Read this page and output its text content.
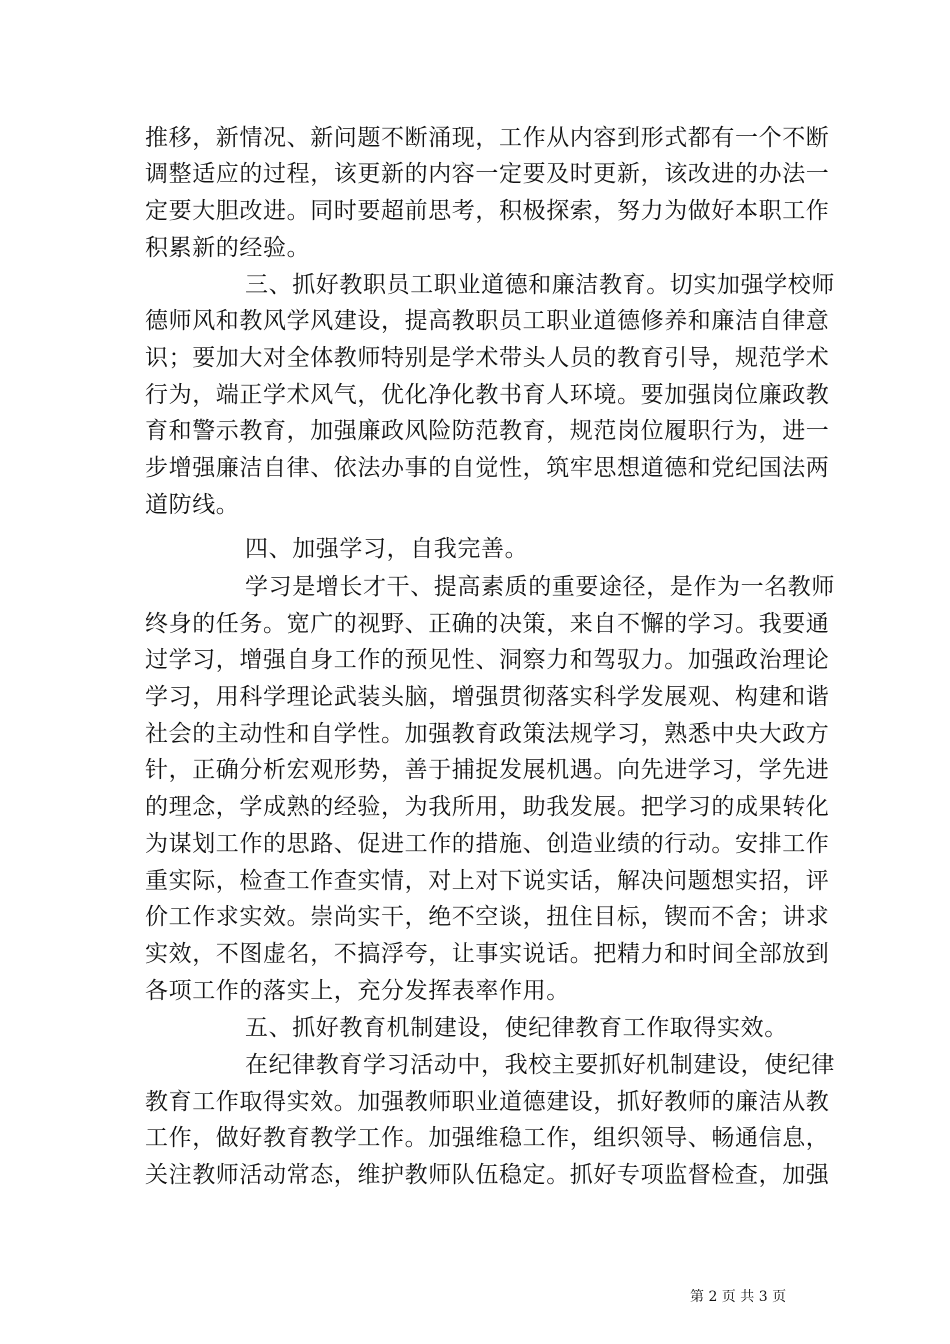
推移，新情况、新问题不断涌现，工作从内容到形式都有一个不断
调整适应的过程，该更新的内容一定要及时更新，该改进的办法一
定要大胆改进。同时要超前思考，积极探索，努力为做好本职工作
积累新的经验。
三、抓好教职员工职业道德和廉洁教育。切实加强学校师
德师风和教风学风建设，提高教职员工职业道德修养和廉洁自律意
识；要加大对全体教师特别是学术带头人员的教育引导，规范学术
行为，端正学术风气，优化净化教书育人环境。要加强岗位廉政教
育和警示教育，加强廉政风险防范教育，规范岗位履职行为，进一
步增强廉洁自律、依法办事的自觉性，筑牢思想道德和党纪国法两
道防线。
四、加强学习，自我完善。
学习是增长才干、提高素质的重要途径，是作为一名教师
终身的任务。宽广的视野、正确的决策，来自不懈的学习。我要通
过学习，增强自身工作的预见性、洞察力和驾驭力。加强政治理论
学习，用科学理论武装头脑，增强贯彻落实科学发展观、构建和谐
社会的主动性和自学性。加强教育政策法规学习，熟悉中央大政方
针，正确分析宏观形势，善于捕捉发展机遇。向先进学习，学先进
的理念，学成熟的经验，为我所用，助我发展。把学习的成果转化
为谋划工作的思路、促进工作的措施、创造业绩的行动。安排工作
重实际，检查工作查实情，对上对下说实话，解决问题想实招，评
价工作求实效。崇尚实干，绝不空谈，扭住目标，锲而不舍；讲求
实效，不图虚名，不搞浮夸，让事实说话。把精力和时间全部放到
各项工作的落实上，充分发挥表率作用。
五、抓好教育机制建设，使纪律教育工作取得实效。
在纪律教育学习活动中，我校主要抓好机制建设，使纪律
教育工作取得实效。加强教师职业道德建设，抓好教师的廉洁从教
工作，做好教育教学工作。加强维稳工作，组织领导、畅通信息，
关注教师活动常态，维护教师队伍稳定。抓好专项监督检查，加强
第 2 页 共 3 页
